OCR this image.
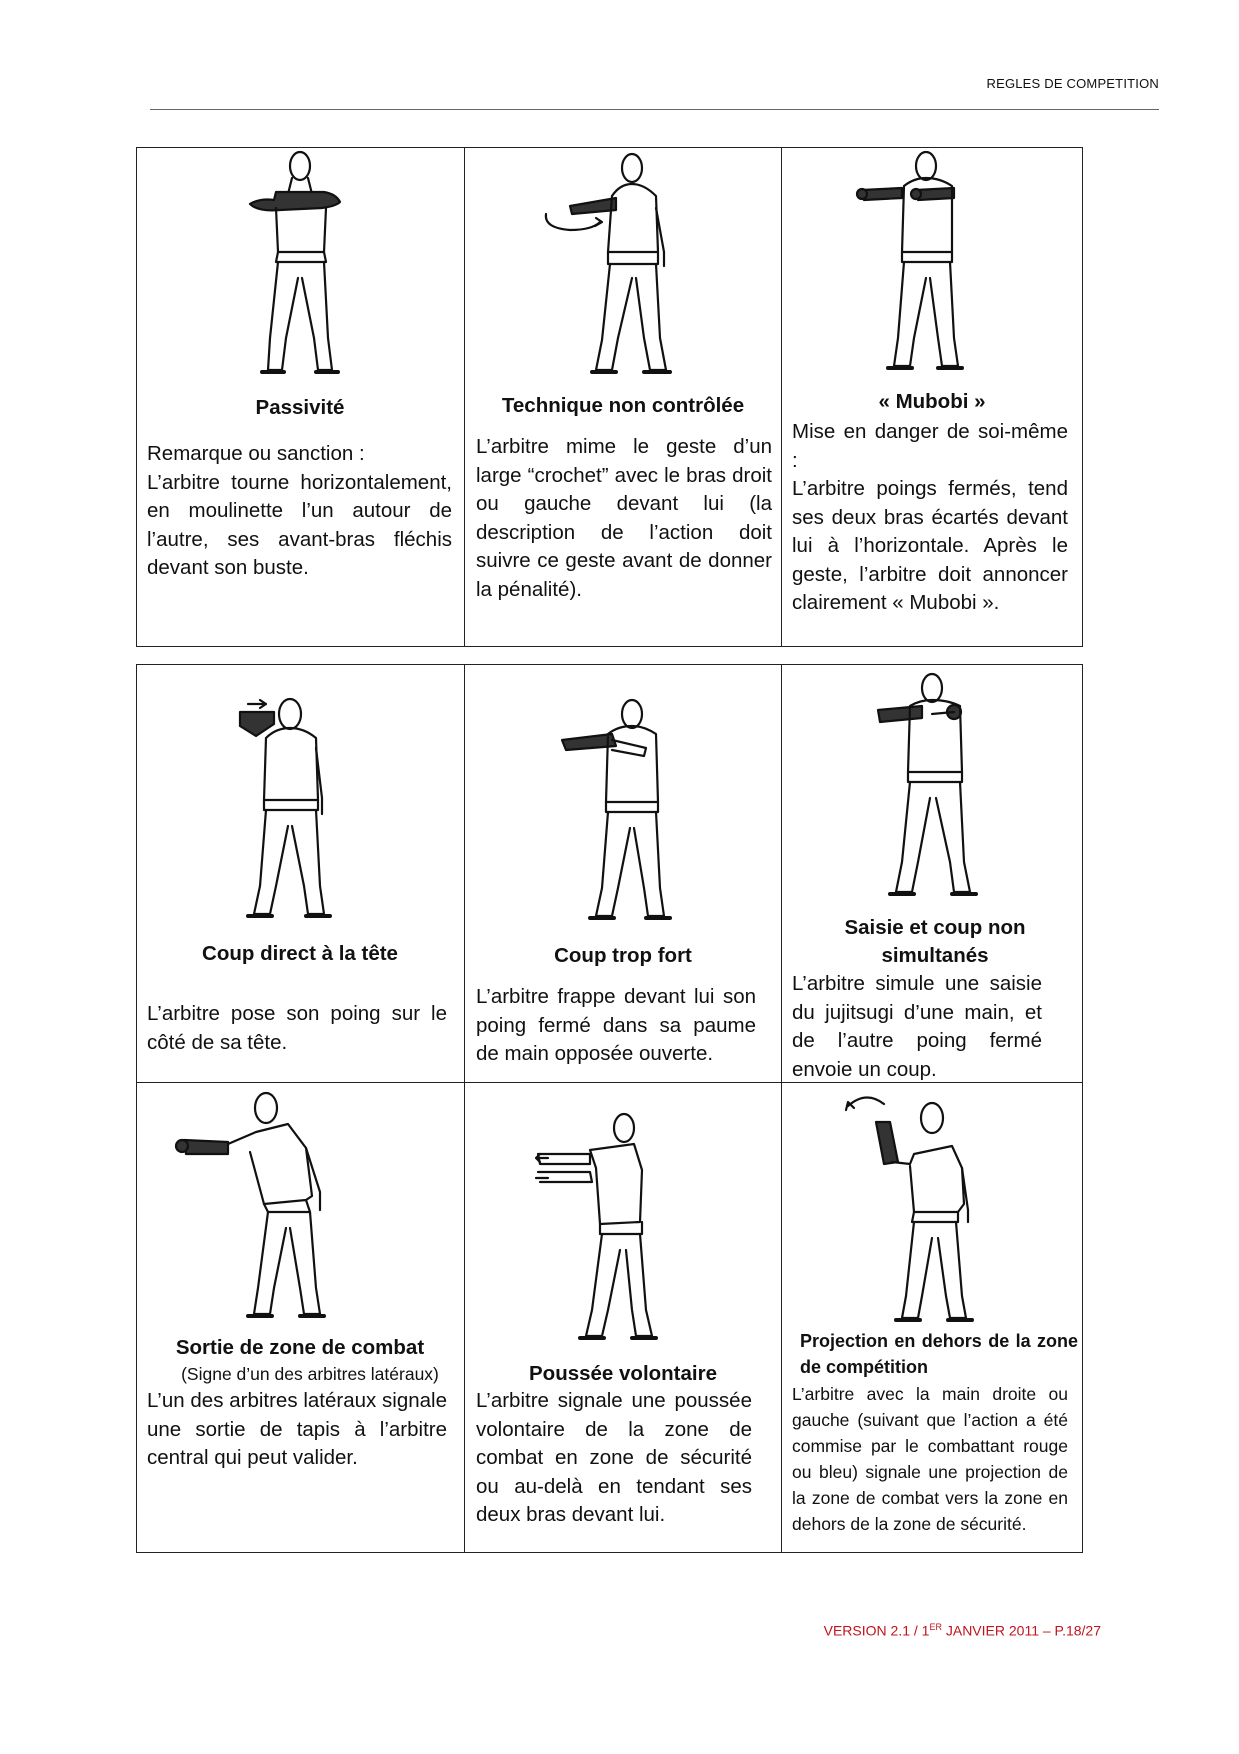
REGLES DE COMPETITION
Passivité
Remarque ou sanction :
L’arbitre tourne horizontalement, en moulinette l’un autour de l’autre, ses avant-bras fléchis devant son buste.
Technique non contrôlée
L’arbitre mime le geste d’un large “crochet” avec le bras droit ou gauche devant lui (la description de l’action doit suivre ce geste avant de donner la pénalité).
« Mubobi »
Mise en danger de soi-même :
L’arbitre poings fermés, tend ses deux bras écartés devant lui à l’horizontale. Après le geste, l’arbitre doit annoncer clairement « Mubobi ».
Coup direct à la tête
L’arbitre pose son poing sur le côté de sa tête.
Coup trop fort
L’arbitre frappe devant lui son poing fermé dans sa paume de main opposée ouverte.
Saisie et coup non simultanés
L’arbitre simule une saisie du jujitsugi d’une main, et de l’autre poing fermé envoie un coup.
Sortie de zone de combat
(Signe d’un des arbitres latéraux)
L’un des arbitres latéraux signale une sortie de tapis à l’arbitre central qui peut valider.
Poussée volontaire
L’arbitre signale une poussée volontaire de la zone de combat en zone de sécurité ou au-delà en tendant ses deux bras devant lui.
Projection en dehors de la zone de compétition
L’arbitre avec la main droite ou gauche (suivant que l’action a été commise par le combattant rouge ou bleu) signale une projection de la zone de combat vers la zone en dehors de la zone de sécurité.
VERSION 2.1 / 1ER JANVIER 2011 – P.18/27
